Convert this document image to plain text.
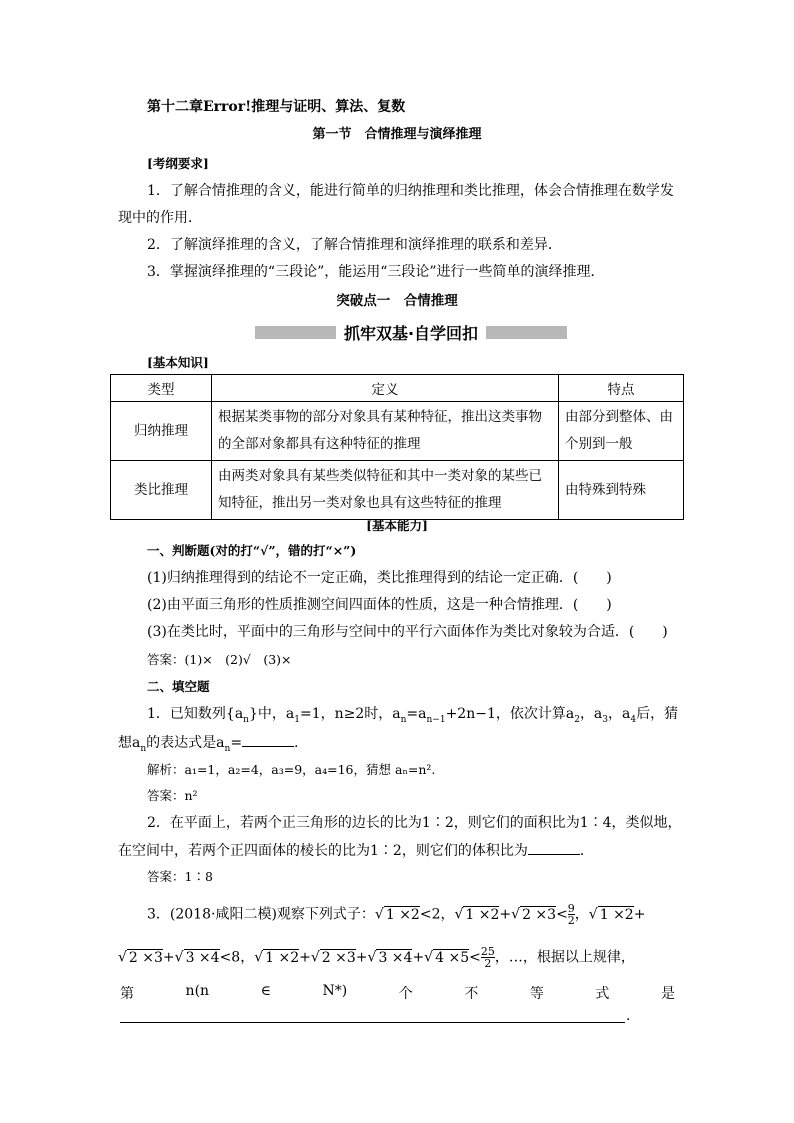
第十二章Error!推理与证明、算法、复数
第一节　合情推理与演绎推理
[考纲要求]
1．了解合情推理的含义，能进行简单的归纳推理和类比推理，体会合情推理在数学发
现中的作用．
2．了解演绎推理的含义，了解合情推理和演绎推理的联系和差异．
3．掌握演绎推理的“三段论”，能运用“三段论”进行一些简单的演绎推理．
突破点一　合情推理
抓牢双基·自学回扣
[基本知识]
类型	定义	特点
归纳推理	根据某类事物的部分对象具有某种特征，推出这类事物的全部对象都具有这种特征的推理	由部分到整体、由个别到一般
类比推理	由两类对象具有某些类似特征和其中一类对象的某些已知特征，推出另一类对象也具有这些特征的推理	由特殊到特殊
[基本能力]
一、判断题(对的打“√”，错的打“×”)
(1)归纳推理得到的结论不一定正确，类比推理得到的结论一定正确．(　　)
(2)由平面三角形的性质推测空间四面体的性质，这是一种合情推理．(　　)
(3)在类比时，平面中的三角形与空间中的平行六面体作为类比对象较为合适．(　　)
答案：(1)×　(2)√　(3)×
二、填空题
1．已知数列$\{a_n\}$中，$a_1=1$，n≥2时，$a_n=a_{n-1}+2n-1$，依次计算$a_2$，$a_3$，$a_4$后，猜
想$a_n$的表达式是$a_n=$	.
解析：a₁=1，a₂=4，a₃=9，a₄=16，猜想 aₙ=n².
答案：n²
2．在平面上，若两个正三角形的边长的比为1∶2，则它们的面积比为1∶4，类似地，
在空间中，若两个正四面体的棱长的比为1∶2，则它们的体积比为	.
答案：1∶8
3．(2018·咸阳二模)观察下列式子：√ 1 ×2<2，√ 1 ×2+√ $2 \times 3< \frac{9}{2}$ ，√ 1 ×2+
√ 2 ×3+√ 3 ×4<8，√ 1 ×2+√ 2 ×3+√ 3 ×4+√ $4 \times 5< \frac{25}{2}$ ，…，根据以上规律，
第	n(n	∈	N*)	个	不	等	式	是
.
